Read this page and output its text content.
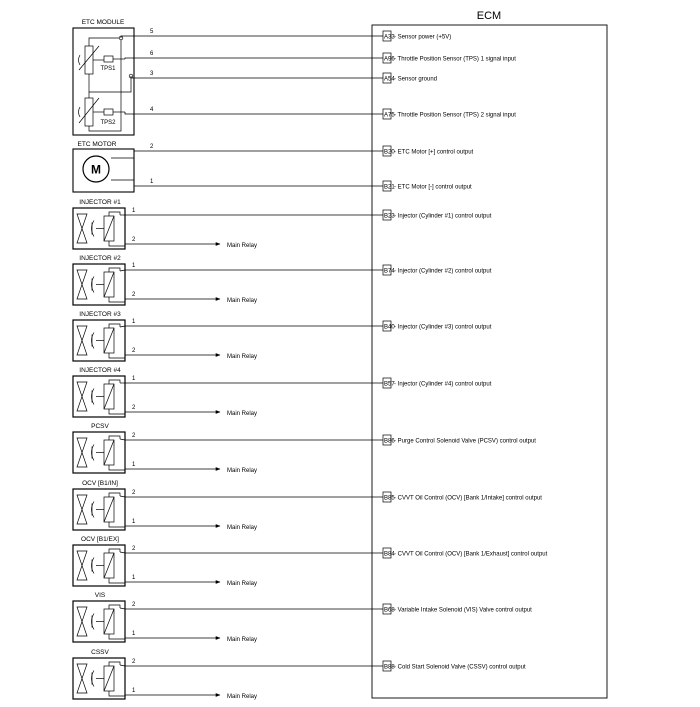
ECM
ETC MODULE
TPS1
TPS2
ETC MOTOR
M
5
6
3
4
2
1
INJECTOR #1
1
2
Main Relay
INJECTOR #2
1
2
Main Relay
INJECTOR #3
1
2
Main Relay
INJECTOR #4
1
2
Main Relay
PCSV
2
1
Main Relay
OCV [B1/IN]
2
1
Main Relay
OCV [B1/EX]
2
1
Main Relay
VIS
2
1
Main Relay
CSSV
2
1
Main Relay
A33 - Sensor power (+5V)
A96 - Throttle Position Sensor (TPS) 1 signal input
A54 - Sensor ground
A75 - Throttle Position Sensor (TPS) 2 signal input
B20 - ETC Motor [+] control output
B21 - ETC Motor [-] control output
B23 - Injector (Cylinder #1) control output
B74 - Injector (Cylinder #2) control output
B40 - Injector (Cylinder #3) control output
B57 - Injector (Cylinder #4) control output
B86 - Purge Control Solenoid Valve (PCSV) control output
B85 - CVVT Oil Control (OCV) [Bank 1/Intake] control output
B84 - CVVT Oil Control (OCV) [Bank 1/Exhaust] control output
B68 - Variable Intake Solenoid (VIS) Valve control output
B88 - Cold Start Solenoid Valve (CSSV) control output
